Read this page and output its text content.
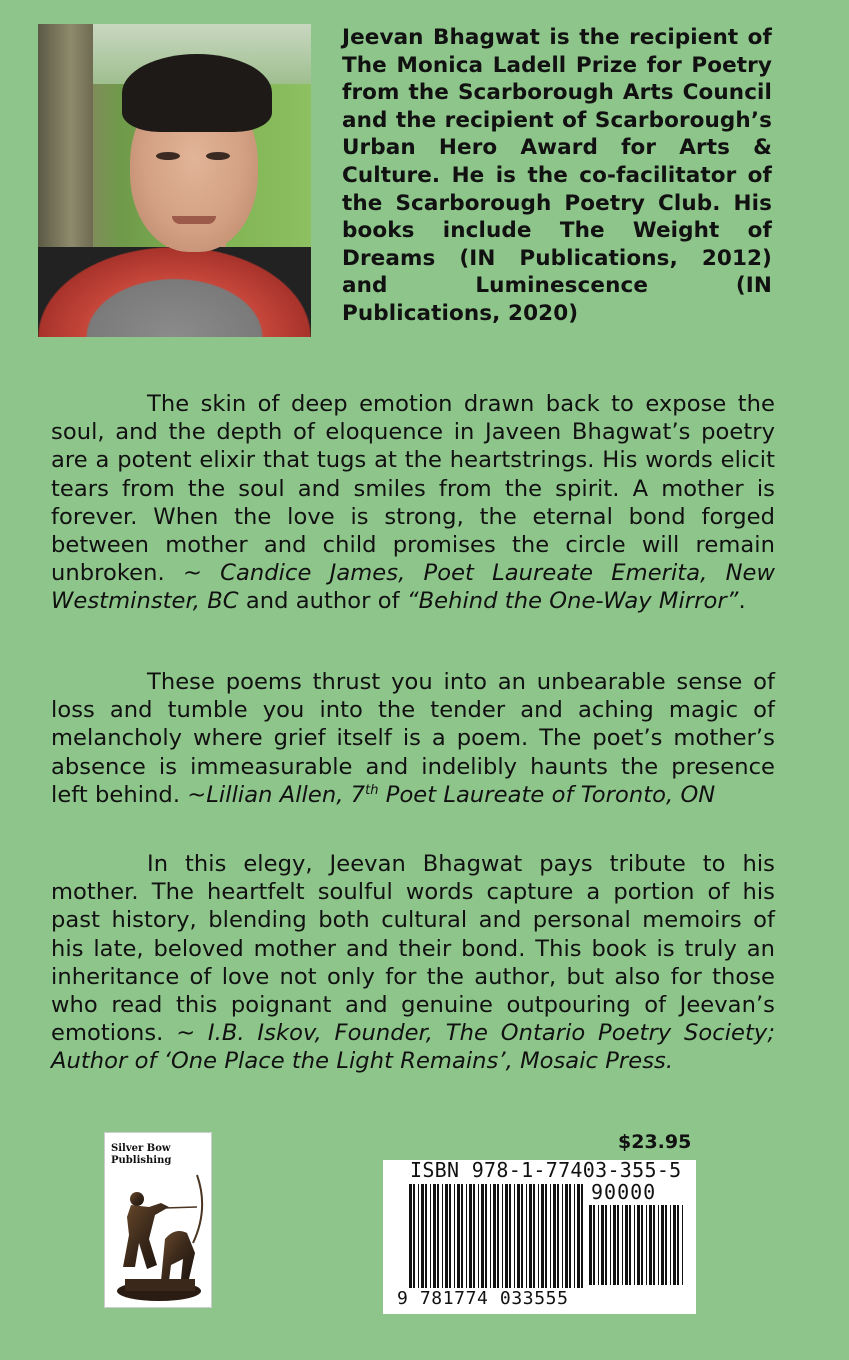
Jeevan Bhagwat is the recipient of The Monica Ladell Prize for Poetry from the Scarborough Arts Council and the recipient of Scarborough’s Urban Hero Award for Arts & Culture. He is the co-facilitator of the Scarborough Poetry Club. His books include The Weight of Dreams (IN Publications, 2012) and Luminescence (IN Publications, 2020)
The skin of deep emotion drawn back to expose the soul, and the depth of eloquence in Javeen Bhagwat’s poetry are a potent elixir that tugs at the heartstrings. His words elicit tears from the soul and smiles from the spirit. A mother is forever. When the love is strong, the eternal bond forged between mother and child promises the circle will remain unbroken. ~ Candice James, Poet Laureate Emerita, New Westminster, BC and author of “Behind the One-Way Mirror”.
These poems thrust you into an unbearable sense of loss and tumble you into the tender and aching magic of melancholy where grief itself is a poem. The poet’s mother’s absence is immeasurable and indelibly haunts the presence left behind. ~Lillian Allen, 7th Poet Laureate of Toronto, ON
In this elegy, Jeevan Bhagwat pays tribute to his mother. The heartfelt soulful words capture a portion of his past history, blending both cultural and personal memoirs of his late, beloved mother and their bond. This book is truly an inheritance of love not only for the author, but also for those who read this poignant and genuine outpouring of Jeevan’s emotions. ~ I.B. Iskov, Founder, The Ontario Poetry Society; Author of ‘One Place the Light Remains’, Mosaic Press.
Silver Bow
Publishing
$23.95
ISBN 978-1-77403-355-5
90000
9 781774 033555
